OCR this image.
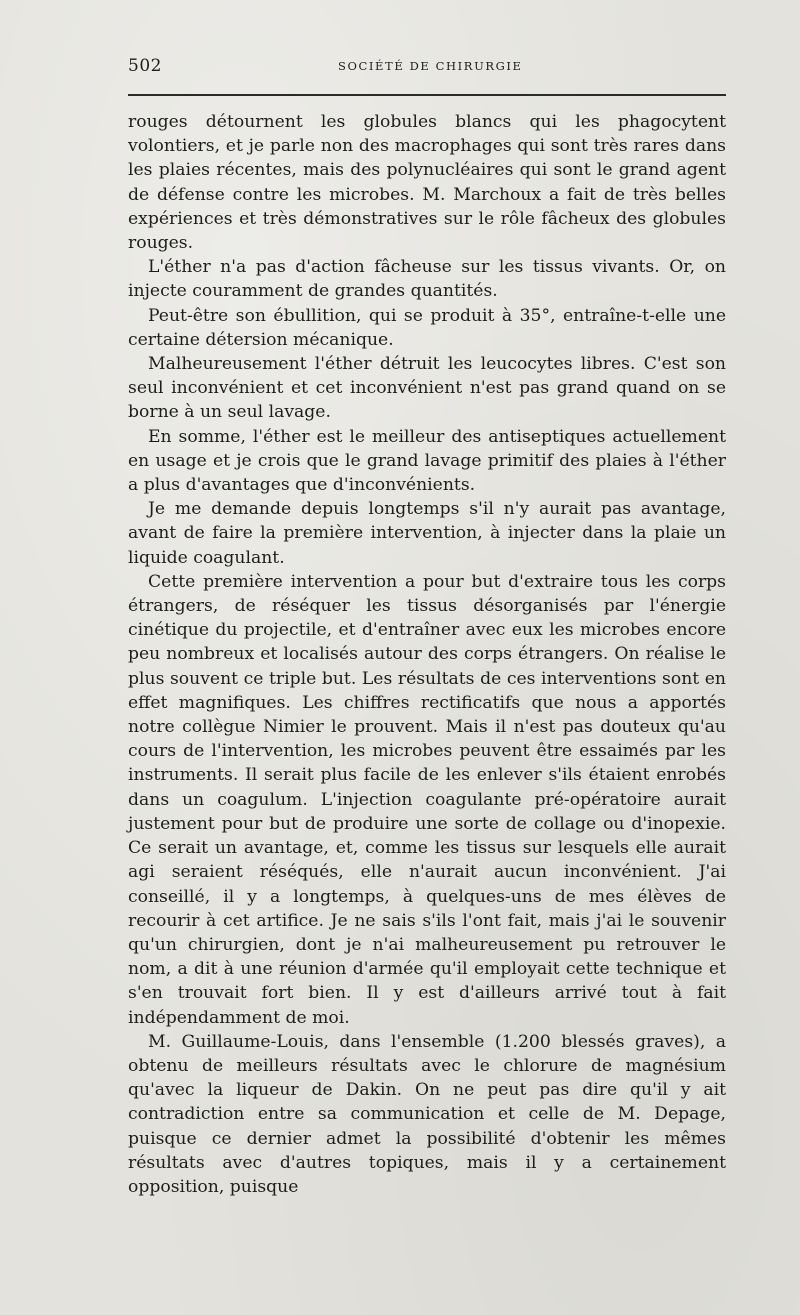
502	SOCIÉTÉ DE CHIRURGIE

rouges détournent les globules blancs qui les phagocytent volontiers, et je parle non des macrophages qui sont très rares dans les plaies récentes, mais des polynucléaires qui sont le grand agent de défense contre les microbes. M. Marchoux a fait de très belles expériences et très démonstratives sur le rôle fâcheux des globules rouges.

L'éther n'a pas d'action fâcheuse sur les tissus vivants. Or, on injecte couramment de grandes quantités.

Peut-être son ébullition, qui se produit à 35°, entraîne-t-elle une certaine détersion mécanique.

Malheureusement l'éther détruit les leucocytes libres. C'est son seul inconvénient et cet inconvénient n'est pas grand quand on se borne à un seul lavage.

En somme, l'éther est le meilleur des antiseptiques actuellement en usage et je crois que le grand lavage primitif des plaies à l'éther a plus d'avantages que d'inconvénients.

Je me demande depuis longtemps s'il n'y aurait pas avantage, avant de faire la première intervention, à injecter dans la plaie un liquide coagulant.

Cette première intervention a pour but d'extraire tous les corps étrangers, de réséquer les tissus désorganisés par l'énergie cinétique du projectile, et d'entraîner avec eux les microbes encore peu nombreux et localisés autour des corps étrangers. On réalise le plus souvent ce triple but. Les résultats de ces interventions sont en effet magnifiques. Les chiffres rectificatifs que nous a apportés notre collègue Nimier le prouvent. Mais il n'est pas douteux qu'au cours de l'intervention, les microbes peuvent être essaimés par les instruments. Il serait plus facile de les enlever s'ils étaient enrobés dans un coagulum. L'injection coagulante pré-opératoire aurait justement pour but de produire une sorte de collage ou d'inopexie. Ce serait un avantage, et, comme les tissus sur lesquels elle aurait agi seraient réséqués, elle n'aurait aucun inconvénient. J'ai conseillé, il y a longtemps, à quelques-uns de mes élèves de recourir à cet artifice. Je ne sais s'ils l'ont fait, mais j'ai le souvenir qu'un chirurgien, dont je n'ai malheureusement pu retrouver le nom, a dit à une réunion d'armée qu'il employait cette technique et s'en trouvait fort bien. Il y est d'ailleurs arrivé tout à fait indépendamment de moi.

M. Guillaume-Louis, dans l'ensemble (1.200 blessés graves), a obtenu de meilleurs résultats avec le chlorure de magnésium qu'avec la liqueur de Dakin. On ne peut pas dire qu'il y ait contradiction entre sa communication et celle de M. Depage, puisque ce dernier admet la possibilité d'obtenir les mêmes résultats avec d'autres topiques, mais il y a certainement opposition, puisque
